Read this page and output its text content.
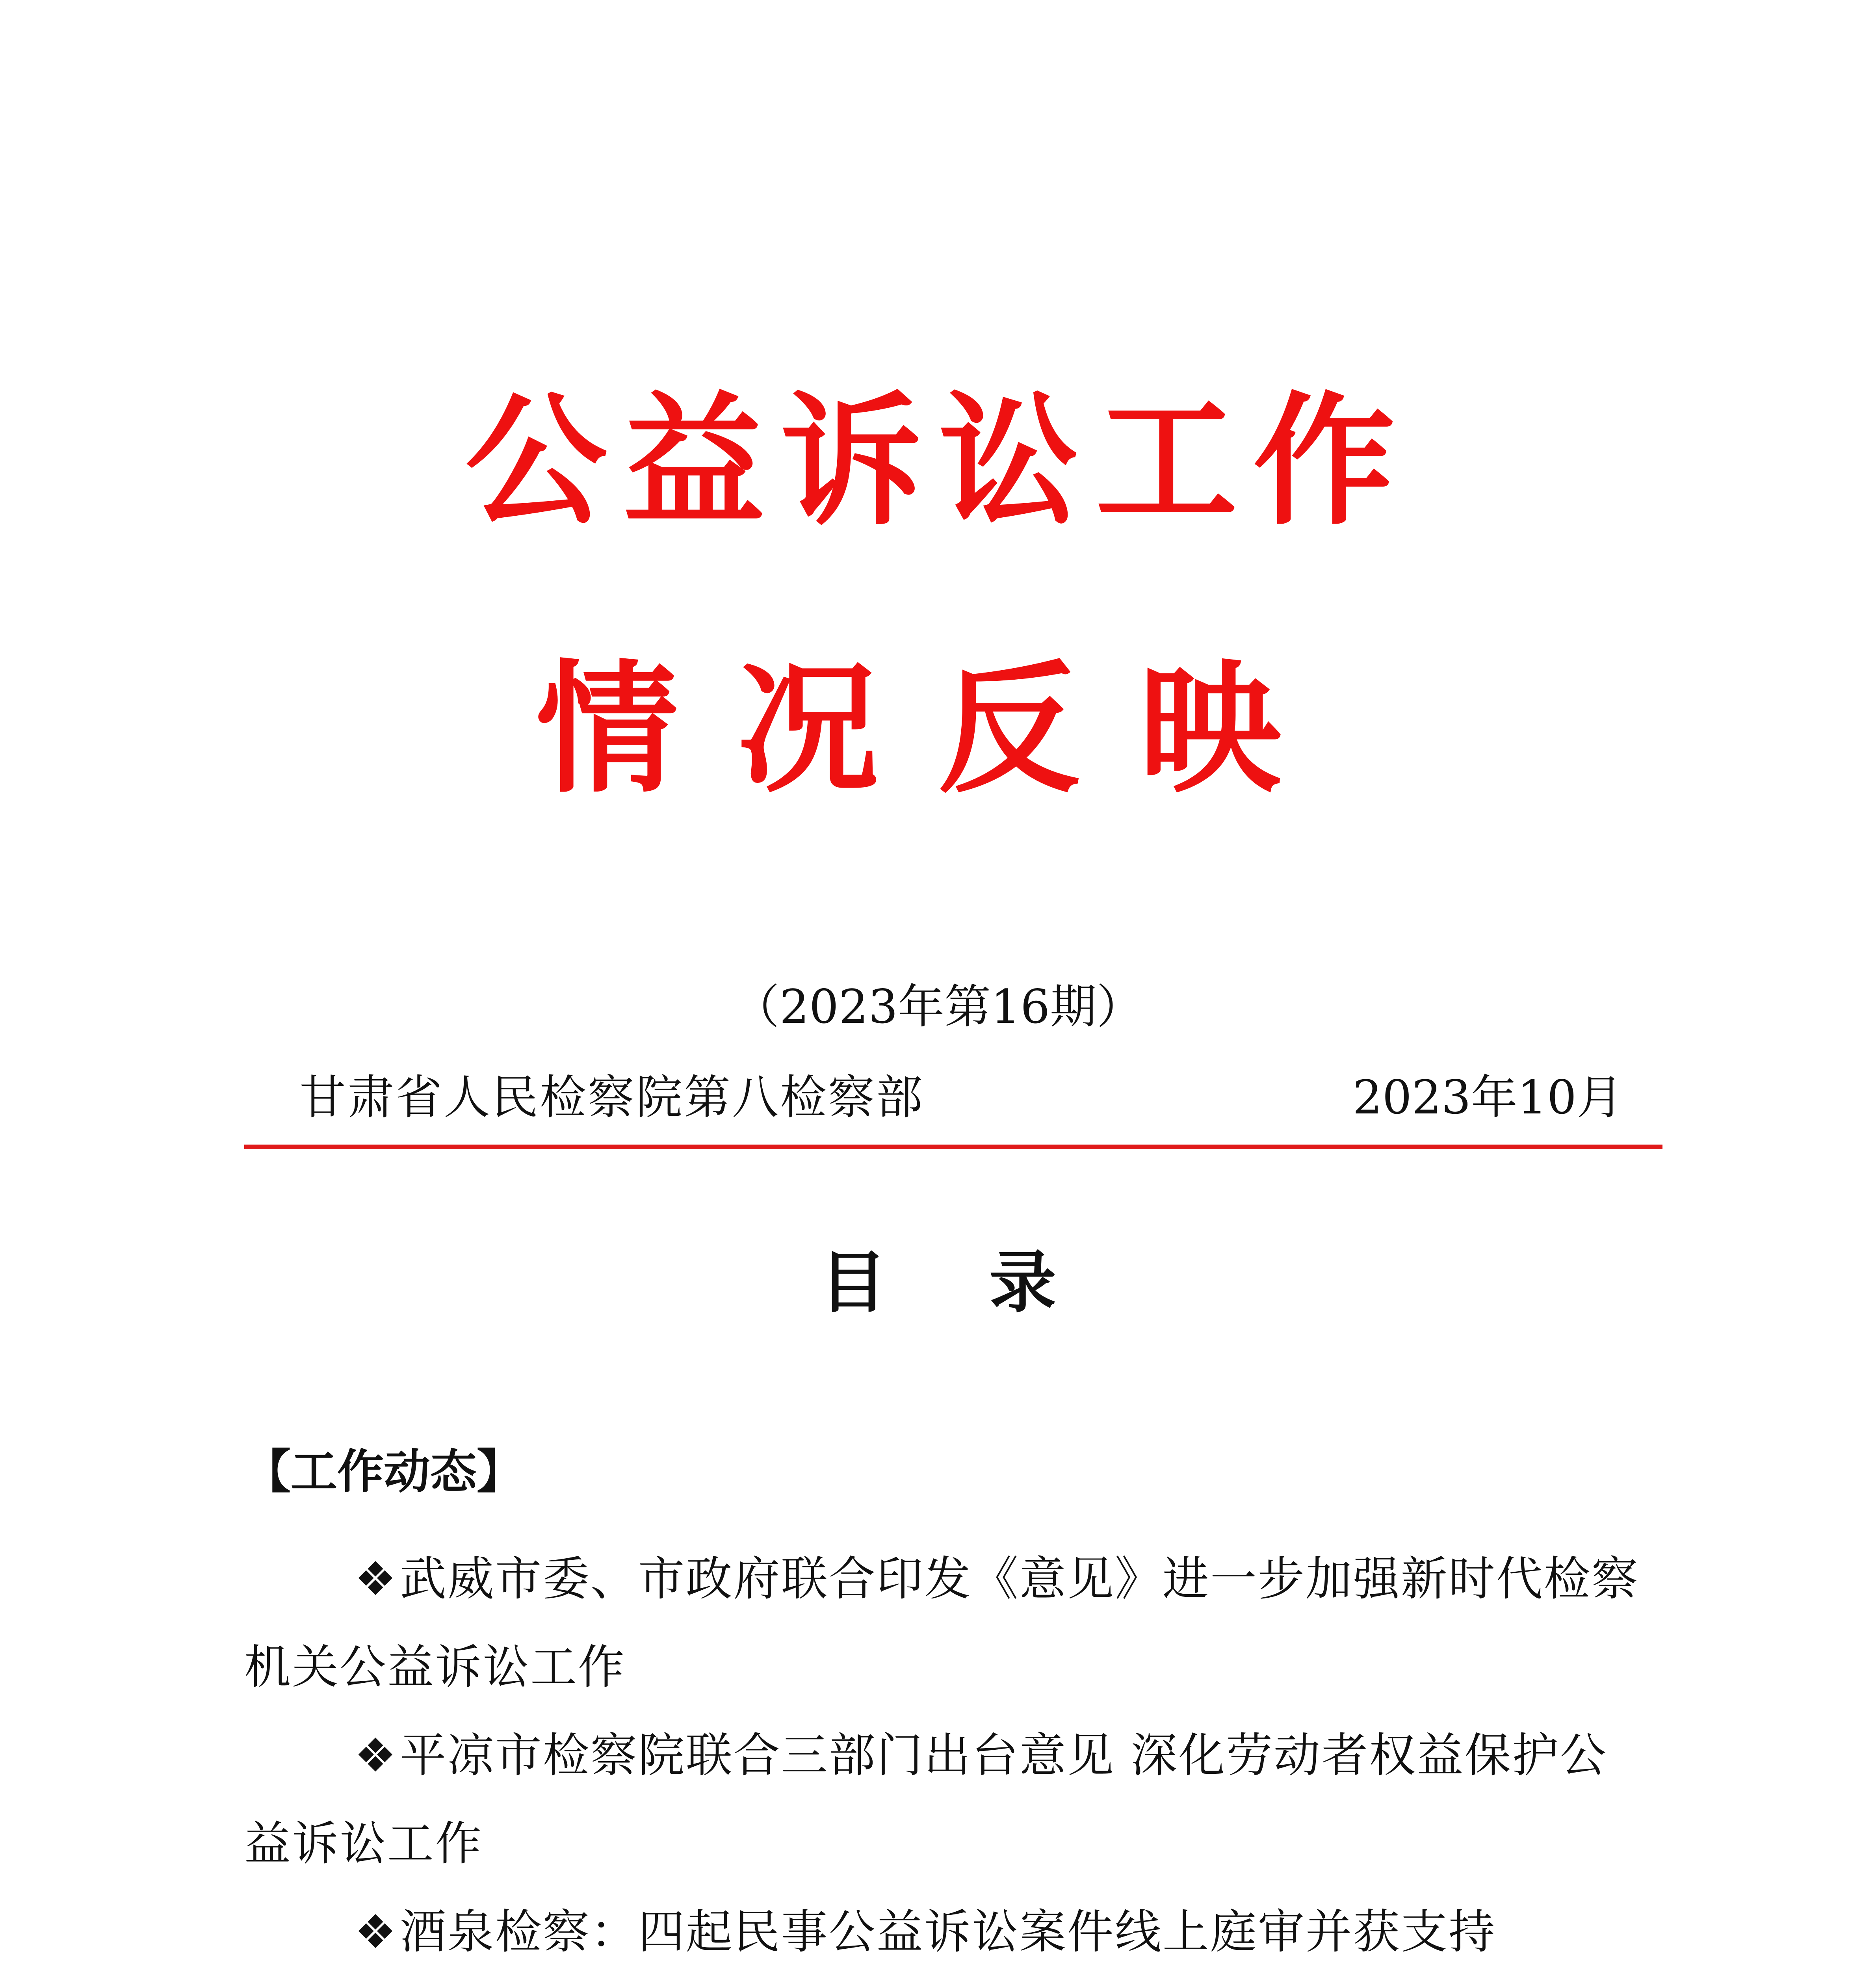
公益诉讼工作
情况反映
（2023年第16期）
甘肃省人民检察院第八检察部	2023年10月
目录
【工作动态】

❖武威市委、市政府联合印发《意见》进一步加强新时代检察机关公益诉讼工作

❖平凉市检察院联合三部门出台意见 深化劳动者权益保护公益诉讼工作

❖酒泉检察：四起民事公益诉讼案件线上庭审并获支持
